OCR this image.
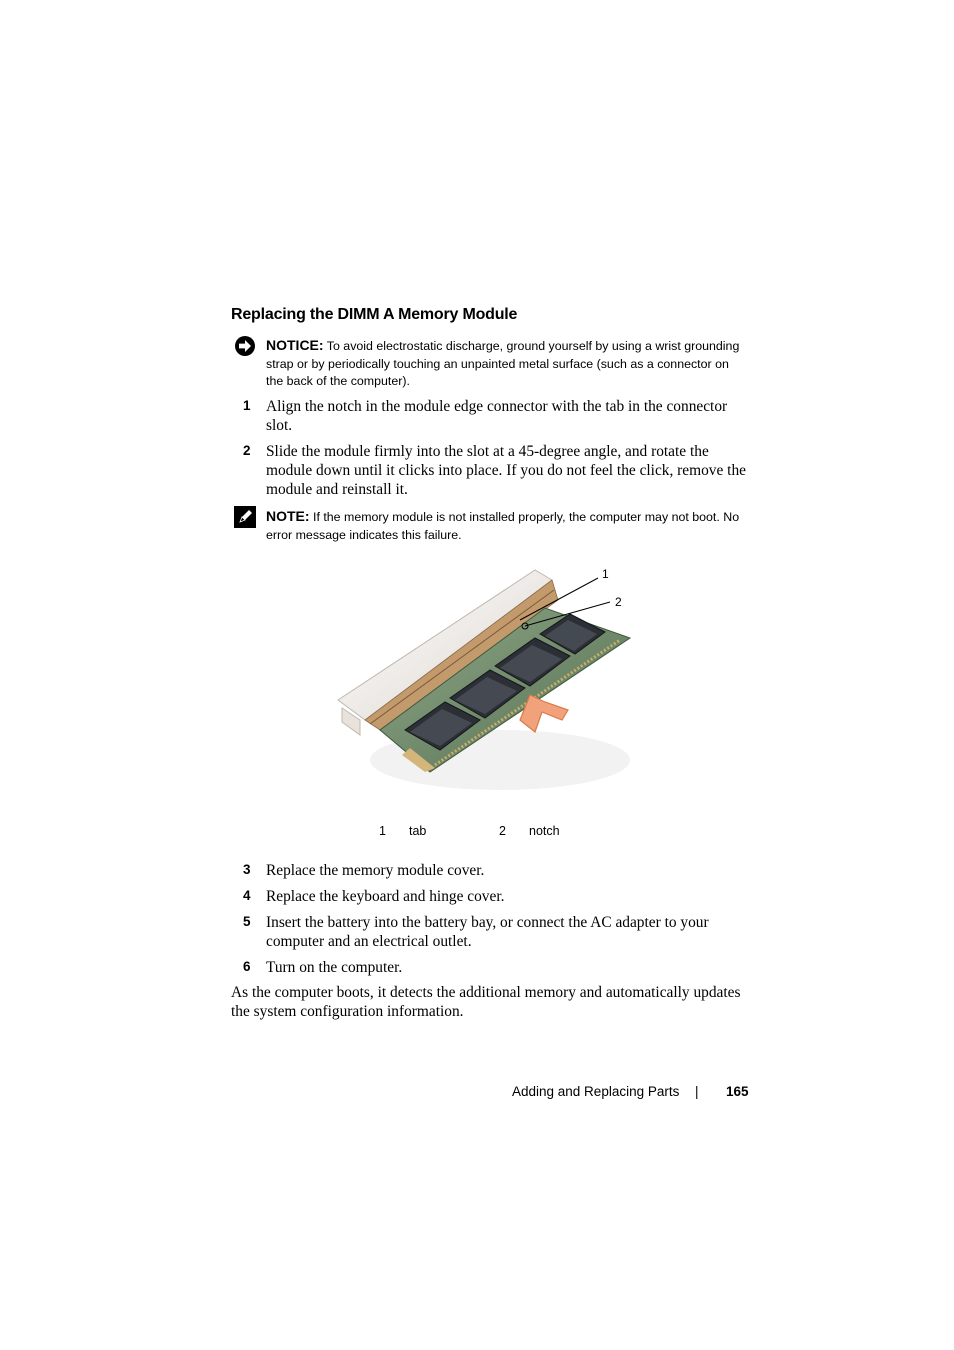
Replacing the DIMM A Memory Module
NOTICE: To avoid electrostatic discharge, ground yourself by using a wrist grounding strap or by periodically touching an unpainted metal surface (such as a connector on the back of the computer).
1 Align the notch in the module edge connector with the tab in the connector slot.
2 Slide the module firmly into the slot at a 45-degree angle, and rotate the module down until it clicks into place. If you do not feel the click, remove the module and reinstall it.
NOTE: If the memory module is not installed properly, the computer may not boot. No error message indicates this failure.
1
2
1 tab	2 notch
3 Replace the memory module cover.
4 Replace the keyboard and hinge cover.
5 Insert the battery into the battery bay, or connect the AC adapter to your computer and an electrical outlet.
6 Turn on the computer.
As the computer boots, it detects the additional memory and automatically updates the system configuration information.
Adding and Replacing Parts | 165
